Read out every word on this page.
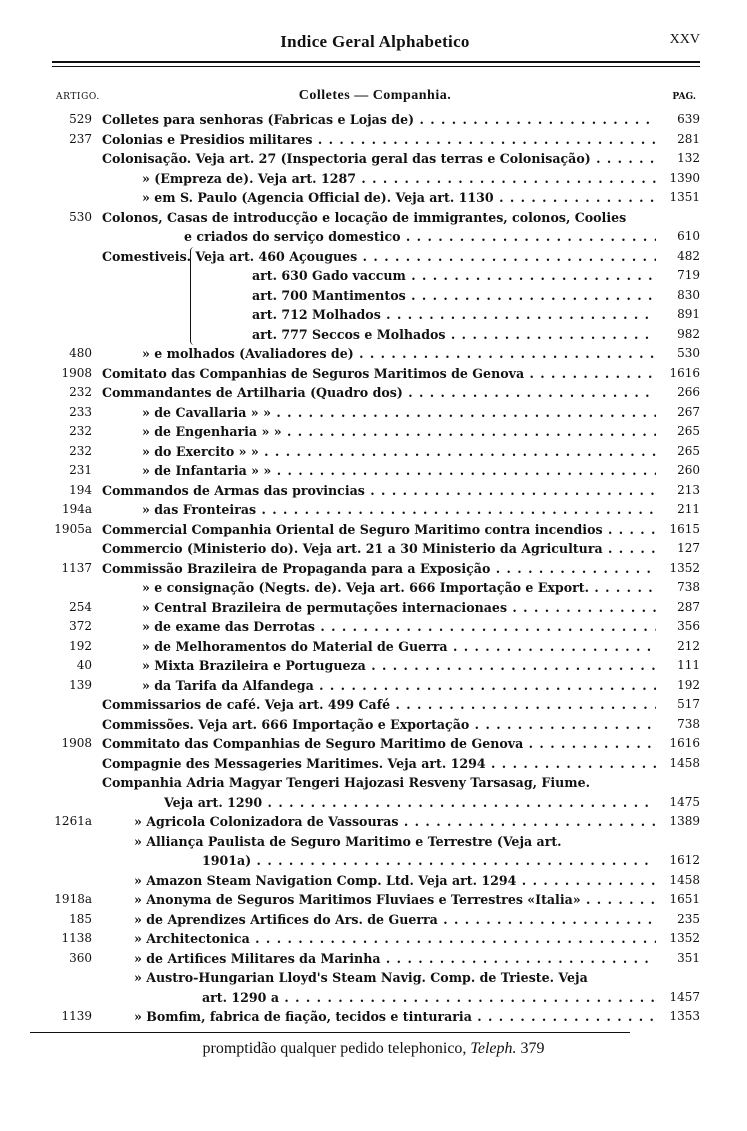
Indice Geral Alphabetico	XXV
ARTIGO.	Colletes — Companhia.	PAG.
529 Colletes para senhoras (Fabricas e Lojas de) . . .	639
237 Colonias e Presidios militares . . .	281
Colonisação. Veja art. 27 (Inspectoria geral das terras e Colonisação) . . .	132
» (Empreza de). Veja art. 1287 . . .	1390
» em S. Paulo (Agencia Official de). Veja art. 1130 . . .	1351
530 Colonos, Casas de introducção e locação de immigrantes, colonos, Coolies
e criados do serviço domestico . . .	610
Comestiveis. Veja art. 460 Açougues . . .	482
art. 630 Gado vaccum . . .	719
art. 700 Mantimentos . . .	830
art. 712 Molhados . . .	891
art. 777 Seccos e Molhados . . .	982
480	» e molhados (Avaliadores de) . . .	530
1908 Comitato das Companhias de Seguros Maritimos de Genova . . .	1616
232 Commandantes de Artilharia (Quadro dos) . . .	266
233	» de Cavallaria » » . . .	267
232	» de Engenharia » » . . .	265
232	» do Exercito » » . . .	265
231	» de Infantaria » » . . .	260
194 Commandos de Armas das provincias . . .	213
194a	» das Fronteiras . . .	211
1905a Commercial Companhia Oriental de Seguro Maritimo contra incendios . . .	1615
Commercio (Ministerio do). Veja art. 21 a 30 Ministerio da Agricultura . . .	127
1137 Commissão Brazileira de Propaganda para a Exposição . . .	1352
» e consignação (Negts. de). Veja art. 666 Importação e Export. . . .	738
254	» Central Brazileira de permutações internacionaes . . .	287
372	» de exame das Derrotas . . .	356
192	» de Melhoramentos do Material de Guerra . . .	212
40	» Mixta Brazileira e Portugueza . . .	111
139	» da Tarifa da Alfandega . . .	192
Commissarios de café. Veja art. 499 Café . . .	517
Commissões. Veja art. 666 Importação e Exportação . . .	738
1908 Commitato das Companhias de Seguro Maritimo de Genova . . .	1616
Compagnie des Messageries Maritimes. Veja art. 1294 . . .	1458
Companhia Adria Magyar Tengeri Hajozasi Resveny Tarsasag, Fiume.
Veja art. 1290 . . .	1475
1261a	» Agricola Colonizadora de Vassouras . . .	1389
» Alliança Paulista de Seguro Maritimo e Terrestre (Veja art.
1901a) . . .	1612
» Amazon Steam Navigation Comp. Ltd. Veja art. 1294 . . .	1458
1918a	» Anonyma de Seguros Maritimos Fluviaes e Terrestres «Italia» . . .	1651
185	» de Aprendizes Artifices do Ars. de Guerra . . .	235
1138	» Architectonica . . .	1352
360	» de Artifices Militares da Marinha . . .	351
» Austro-Hungarian Lloyd's Steam Navig. Comp. de Trieste. Veja
art. 1290 a . . .	1457
1139	» Bomfim, fabrica de fiação, tecidos e tinturaria . . .	1353
promptidão qualquer pedido telephonico, Teleph. 379
